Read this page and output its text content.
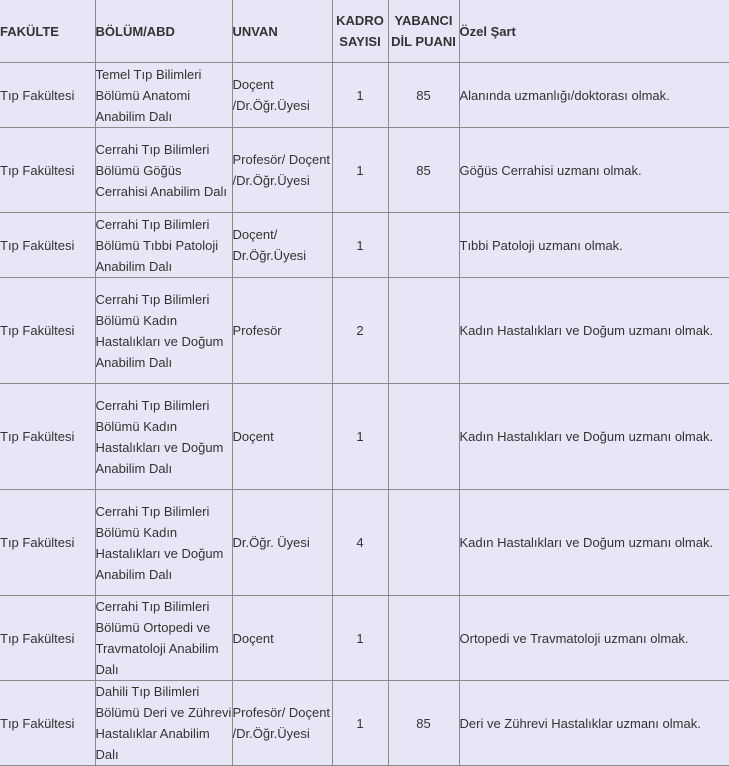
FAKÜLTE	BÖLÜM/ABD	UNVAN	KADRO SAYISI	YABANCI DİL PUANI	Özel Şart
Tıp Fakültesi	Temel Tıp Bilimleri Bölümü Anatomi Anabilim Dalı	Doçent /Dr.Öğr.Üyesi	1	85	Alanında uzmanlığı/doktorası olmak.
Tıp Fakültesi	Cerrahi Tıp Bilimleri Bölümü Göğüs Cerrahisi Anabilim Dalı	Profesör/ Doçent /Dr.Öğr.Üyesi	1	85	Göğüs Cerrahisi uzmanı olmak.
Tıp Fakültesi	Cerrahi Tıp Bilimleri Bölümü Tıbbi Patoloji Anabilim Dalı	Doçent/ Dr.Öğr.Üyesi	1		Tıbbi Patoloji uzmanı olmak.
Tıp Fakültesi	Cerrahi Tıp Bilimleri Bölümü Kadın Hastalıkları ve Doğum Anabilim Dalı	Profesör	2		Kadın Hastalıkları ve Doğum uzmanı olmak.
Tıp Fakültesi	Cerrahi Tıp Bilimleri Bölümü Kadın Hastalıkları ve Doğum Anabilim Dalı	Doçent	1		Kadın Hastalıkları ve Doğum uzmanı olmak.
Tıp Fakültesi	Cerrahi Tıp Bilimleri Bölümü Kadın Hastalıkları ve Doğum Anabilim Dalı	Dr.Öğr. Üyesi	4		Kadın Hastalıkları ve Doğum uzmanı olmak.
Tıp Fakültesi	Cerrahi Tıp Bilimleri Bölümü Ortopedi ve Travmatoloji Anabilim Dalı	Doçent	1		Ortopedi ve Travmatoloji uzmanı olmak.
Tıp Fakültesi	Dahili Tıp Bilimleri Bölümü Deri ve Zührevi Hastalıklar Anabilim Dalı	Profesör/ Doçent /Dr.Öğr.Üyesi	1	85	Deri ve Zührevi Hastalıklar uzmanı olmak.
